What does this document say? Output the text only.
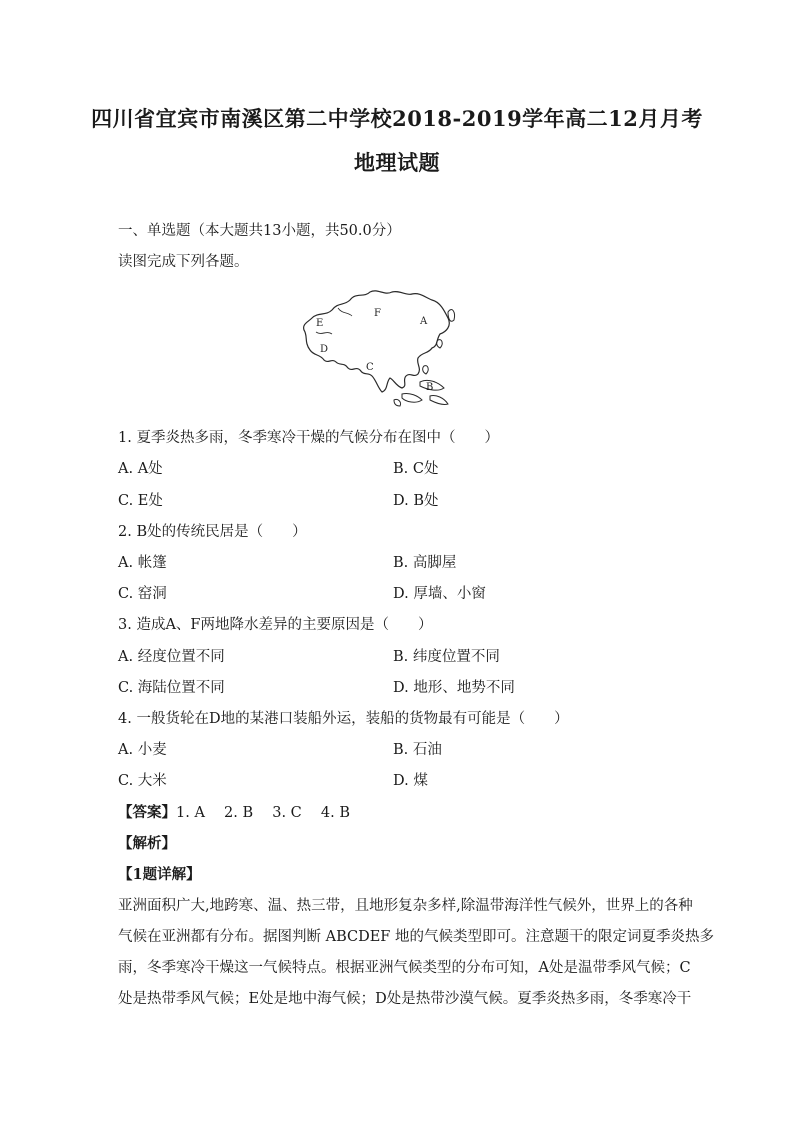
四川省宜宾市南溪区第二中学校2018-2019学年高二12月月考
地理试题
一、单选题（本大题共13小题，共50.0分）
读图完成下列各题。
E
F
A
D
C
B
1. 夏季炎热多雨，冬季寒冷干燥的气候分布在图中（　　）
A. A处	B. C处
C. E处	D. B处
2. B处的传统民居是（　　）
A. 帐篷	B. 高脚屋
C. 窑洞	D. 厚墙、小窗
3. 造成A、F两地降水差异的主要原因是（　　）
A. 经度位置不同	B. 纬度位置不同
C. 海陆位置不同	D. 地形、地势不同
4. 一般货轮在D地的某港口装船外运，装船的货物最有可能是（　　）
A. 小麦	B. 石油
C. 大米	D. 煤
【答案】1. A　 2. B　 3. C　 4. B
【解析】
【1题详解】
亚洲面积广大,地跨寒、温、热三带，且地形复杂多样,除温带海洋性气候外，世界上的各种
气候在亚洲都有分布。据图判断 ABCDEF 地的气候类型即可。注意题干的限定词夏季炎热多
雨，冬季寒冷干燥这一气候特点。根据亚洲气候类型的分布可知，A处是温带季风气候；C
处是热带季风气候；E处是地中海气候；D处是热带沙漠气候。夏季炎热多雨，冬季寒冷干
